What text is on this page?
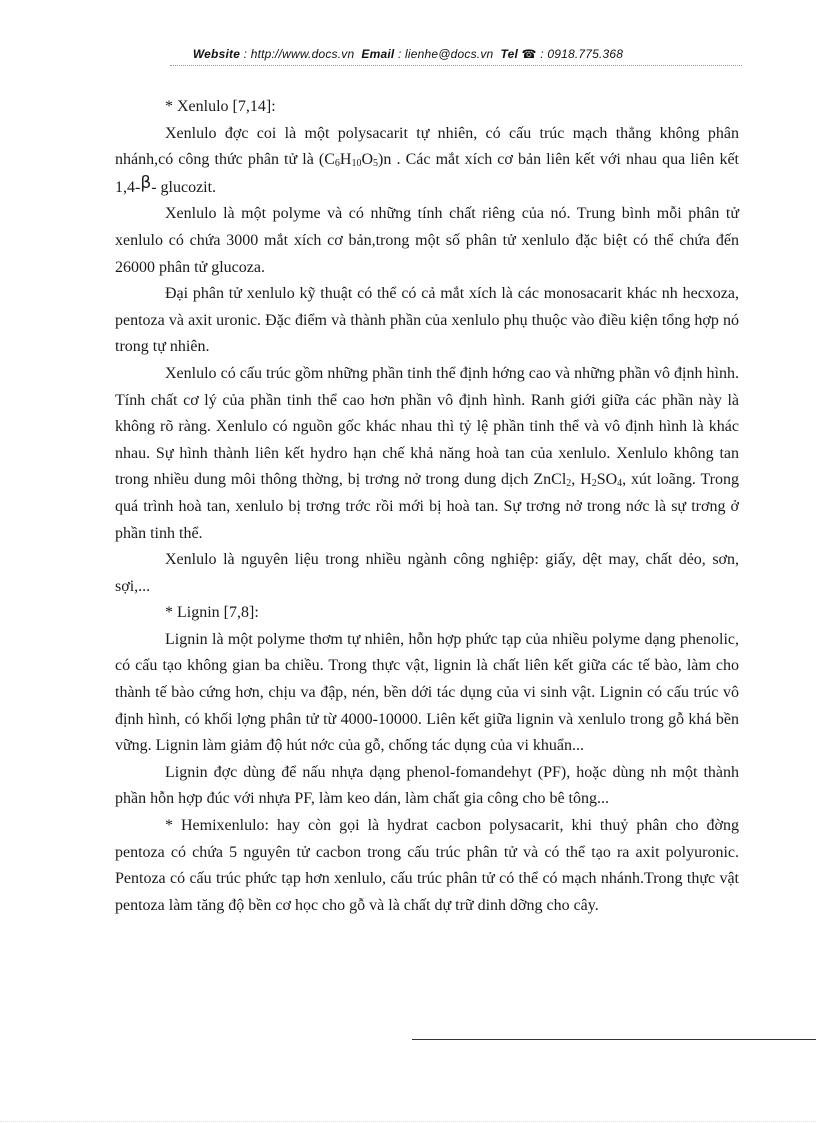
Website : http://www.docs.vn Email : lienhe@docs.vn Tel ☎ : 0918.775.368

* Xenlulo [7,14]:

Xenlulo đợc coi là một polysacarit tự nhiên, có cấu trúc mạch thẳng không phân nhánh,có công thức phân tử là $(C_6H_{10}O_5)n$ . Các mắt xích cơ bản liên kết với nhau qua liên kết 1,4-β- glucozit.

Xenlulo là một polyme và có những tính chất riêng của nó. Trung bình mỗi phân tử xenlulo có chứa 3000 mắt xích cơ bản,trong một số phân tử xenlulo đặc biệt có thể chứa đến 26000 phân tử glucoza.

Đại phân tử xenlulo kỹ thuật có thể có cả mắt xích là các monosacarit khác nh hecxoza, pentoza và axit uronic. Đặc điểm và thành phần của xenlulo phụ thuộc vào điều kiện tổng hợp nó trong tự nhiên.

Xenlulo có cấu trúc gồm những phần tinh thể định hớng cao và những phần vô định hình. Tính chất cơ lý của phần tinh thể cao hơn phần vô định hình. Ranh giới giữa các phần này là không rõ ràng. Xenlulo có nguồn gốc khác nhau thì tỷ lệ phần tinh thể và vô định hình là khác nhau. Sự hình thành liên kết hydro hạn chế khả năng hoà tan của xenlulo. Xenlulo không tan trong nhiều dung môi thông thờng, bị trơng nở trong dung dịch ZnCl$_2$, $H_2SO_4$, xút loãng. Trong quá trình hoà tan, xenlulo bị trơng trớc rồi mới bị hoà tan. Sự trơng nở trong nớc là sự trơng ở phần tinh thể.

Xenlulo là nguyên liệu trong nhiều ngành công nghiệp: giấy, dệt may, chất dẻo, sơn, sợi,...

* Lignin [7,8]:

Lignin là một polyme thơm tự nhiên, hỗn hợp phức tạp của nhiều polyme dạng phenolic, có cấu tạo không gian ba chiều. Trong thực vật, lignin là chất liên kết giữa các tế bào, làm cho thành tế bào cứng hơn, chịu va đập, nén, bền dới tác dụng của vi sinh vật. Lignin có cấu trúc vô định hình, có khối lợng phân tử từ 4000-10000. Liên kết giữa lignin và xenlulo trong gỗ khá bền vững. Lignin làm giảm độ hút nớc của gỗ, chống tác dụng của vi khuẩn...

Lignin đợc dùng để nấu nhựa dạng phenol-fomandehyt (PF), hoặc dùng nh một thành phần hỗn hợp đúc với nhựa PF, làm keo dán, làm chất gia công cho bê tông...

* Hemixenlulo: hay còn gọi là hydrat cacbon polysacarit, khi thuỷ phân cho đờng pentoza có chứa 5 nguyên tử cacbon trong cấu trúc phân tử và có thể tạo ra axit polyuronic. Pentoza có cấu trúc phức tạp hơn xenlulo, cấu trúc phân tử có thể có mạch nhánh.Trong thực vật pentoza làm tăng độ bền cơ học cho gỗ và là chất dự trữ dinh dỡng cho cây.
